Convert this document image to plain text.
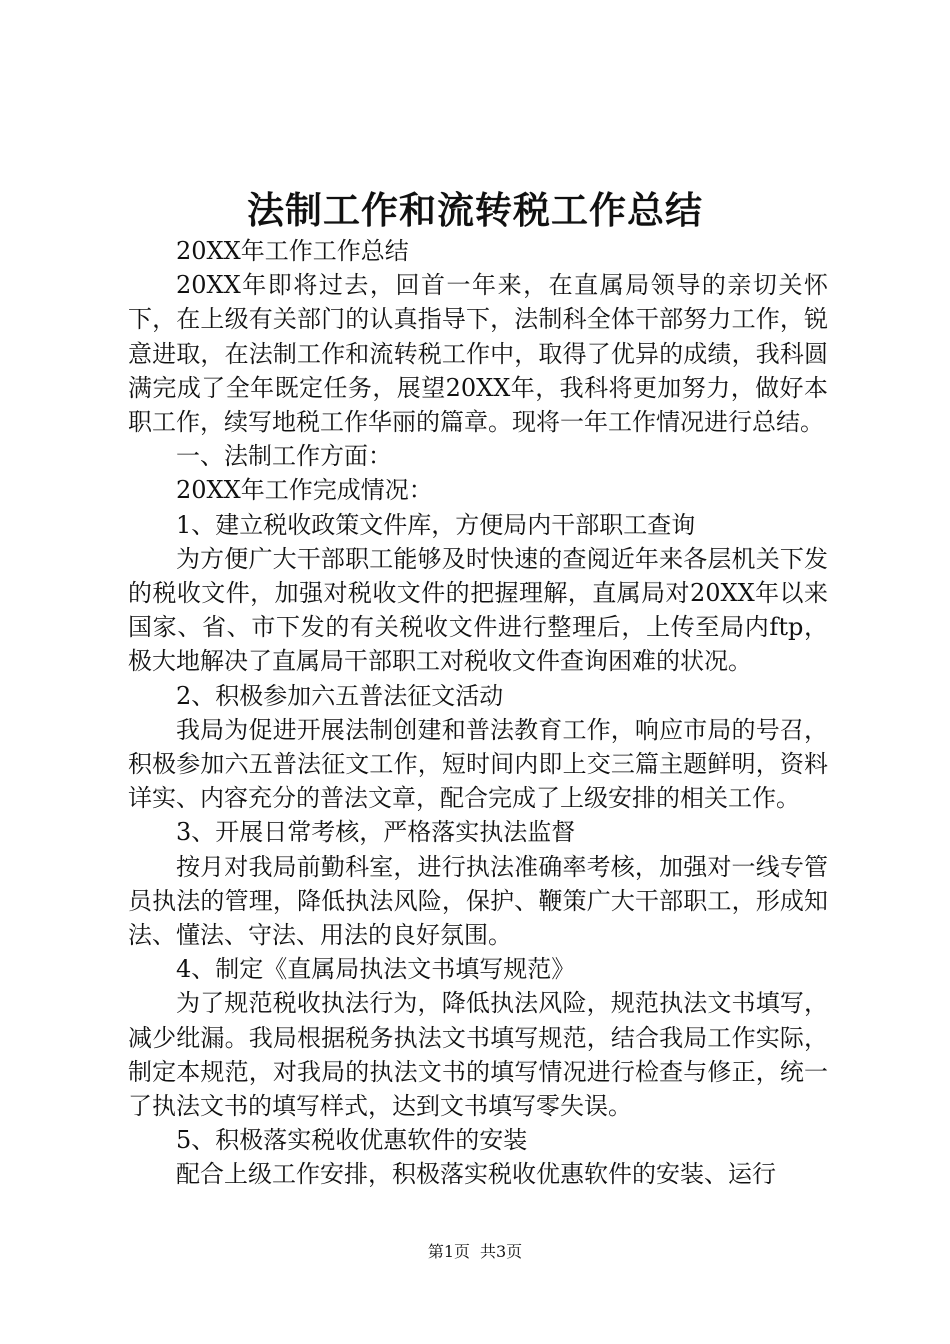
法制工作和流转税工作总结

20XX年工作工作总结

20XX年即将过去，回首一年来，在直属局领导的亲切关怀下，在上级有关部门的认真指导下，法制科全体干部努力工作，锐意进取，在法制工作和流转税工作中，取得了优异的成绩，我科圆满完成了全年既定任务，展望20XX年，我科将更加努力，做好本职工作，续写地税工作华丽的篇章。现将一年工作情况进行总结。

一、法制工作方面：

20XX年工作完成情况：

1、建立税收政策文件库，方便局内干部职工查询

为方便广大干部职工能够及时快速的查阅近年来各层机关下发的税收文件，加强对税收文件的把握理解，直属局对20XX年以来国家、省、市下发的有关税收文件进行整理后，上传至局内ftp，极大地解决了直属局干部职工对税收文件查询困难的状况。

2、积极参加六五普法征文活动

我局为促进开展法制创建和普法教育工作，响应市局的号召，积极参加六五普法征文工作，短时间内即上交三篇主题鲜明，资料详实、内容充分的普法文章，配合完成了上级安排的相关工作。

3、开展日常考核，严格落实执法监督

按月对我局前勤科室，进行执法准确率考核，加强对一线专管员执法的管理，降低执法风险，保护、鞭策广大干部职工，形成知法、懂法、守法、用法的良好氛围。

4、制定《直属局执法文书填写规范》

为了规范税收执法行为，降低执法风险，规范执法文书填写，减少纰漏。我局根据税务执法文书填写规范，结合我局工作实际，制定本规范，对我局的执法文书的填写情况进行检查与修正，统一了执法文书的填写样式，达到文书填写零失误。

5、积极落实税收优惠软件的安装

配合上级工作安排，积极落实税收优惠软件的安装、运行

第1页 共3页
